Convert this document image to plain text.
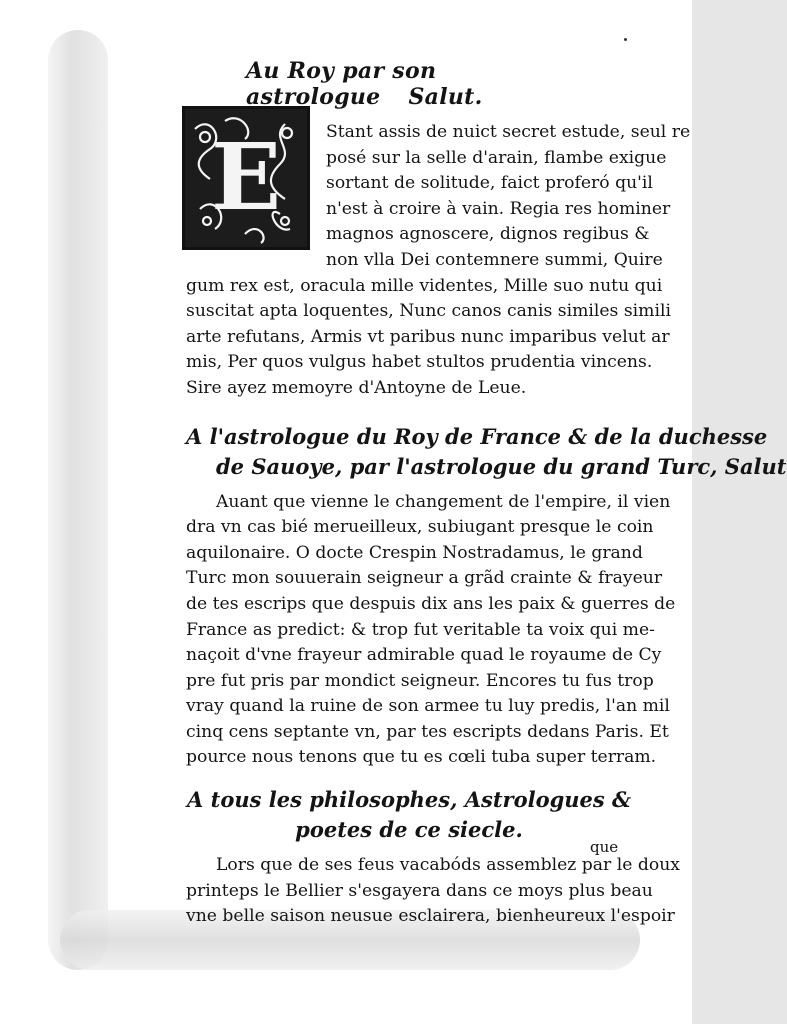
E
Au Roy par son astrologue Salut.
Stant assis de nuict secret estude, seul re
posé sur la selle d'arain, flambe exigue
sortant de solitude, faict proferó qu'il
n'est à croire à vain. Regia res hominer
magnos agnoscere, dignos regibus &
non vlla Dei contemnere summi, Quire
gum rex est, oracula mille videntes, Mille suo nutu qui
suscitat apta loquentes, Nunc canos canis similes simili
arte refutans, Armis vt paribus nunc imparibus velut ar
mis, Per quos vulgus habet stultos prudentia vincens.
Sire ayez memoyre d'Antoyne de Leue.
A l'astrologue du Roy de France & de la duchesse
de Sauoye, par l'astrologue du grand Turc, Salut
Auant que vienne le changement de l'empire, il vien
dra vn cas bié merueilleux, subiugant presque le coin
aquilonaire. O docte Crespin Nostradamus, le grand
Turc mon souuerain seigneur a grãd crainte & frayeur
de tes escrips que despuis dix ans les paix & guerres de
France as predict: & trop fut veritable ta voix qui me-
naçoit d'vne frayeur admirable quad le royaume de Cy
pre fut pris par mondict seigneur. Encores tu fus trop
vray quand la ruine de son armee tu luy predis, l'an mil
cinq cens septante vn, par tes escripts dedans Paris. Et
pource nous tenons que tu es cœli tuba super terram.
A tous les philosophes, Astrologues &
poetes de ce siecle.
Lors que de ses feus vacabóds assemblez par le doux
printeps le Bellier s'esgayera dans ce moys plus beau
vne belle saison neusue esclairera, bienheureux l'espoir
que
